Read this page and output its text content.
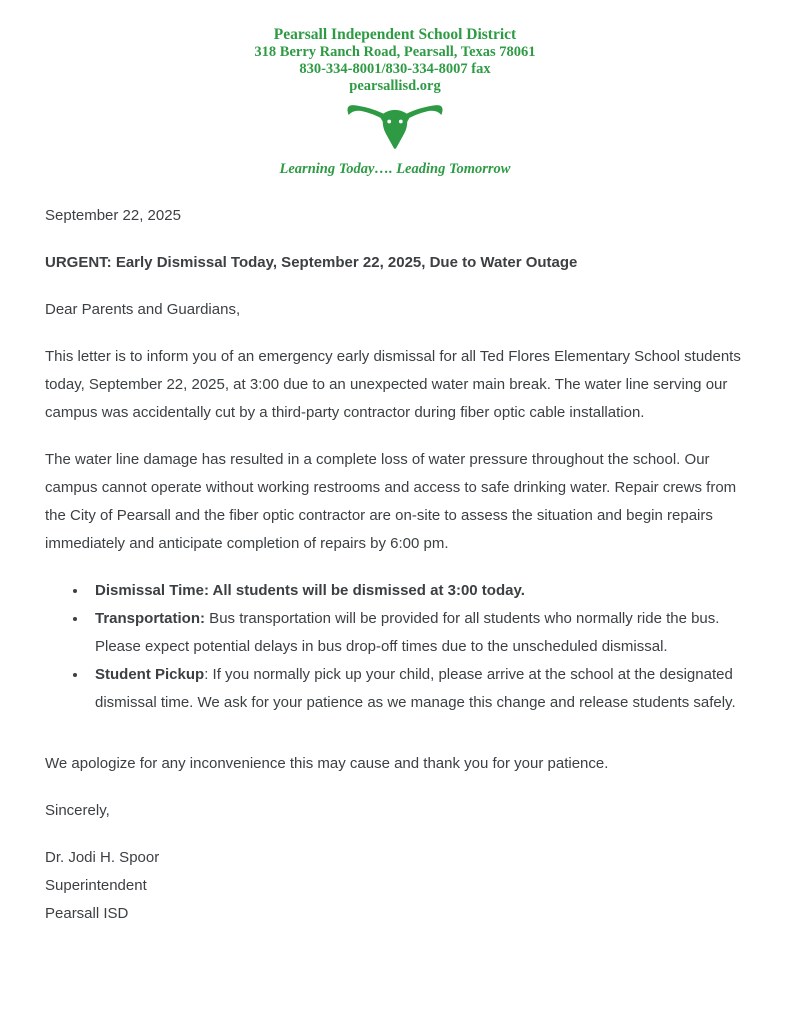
Pearsall Independent School District
318 Berry Ranch Road, Pearsall, Texas 78061
830-334-8001/830-334-8007 fax
pearsallisd.org
Learning Today…. Leading Tomorrow

September 22, 2025

URGENT: Early Dismissal Today, September 22, 2025, Due to Water Outage

Dear Parents and Guardians,

This letter is to inform you of an emergency early dismissal for all Ted Flores Elementary School students today, September 22, 2025, at 3:00 due to an unexpected water main break. The water line serving our campus was accidentally cut by a third-party contractor during fiber optic cable installation.

The water line damage has resulted in a complete loss of water pressure throughout the school. Our campus cannot operate without working restrooms and access to safe drinking water. Repair crews from the City of Pearsall and the fiber optic contractor are on-site to assess the situation and begin repairs immediately and anticipate completion of repairs by 6:00 pm.

• Dismissal Time: All students will be dismissed at 3:00 today.
• Transportation: Bus transportation will be provided for all students who normally ride the bus. Please expect potential delays in bus drop-off times due to the unscheduled dismissal.
• Student Pickup: If you normally pick up your child, please arrive at the school at the designated dismissal time. We ask for your patience as we manage this change and release students safely.

We apologize for any inconvenience this may cause and thank you for your patience.

Sincerely,

Dr. Jodi H. Spoor

Superintendent

Pearsall ISD
